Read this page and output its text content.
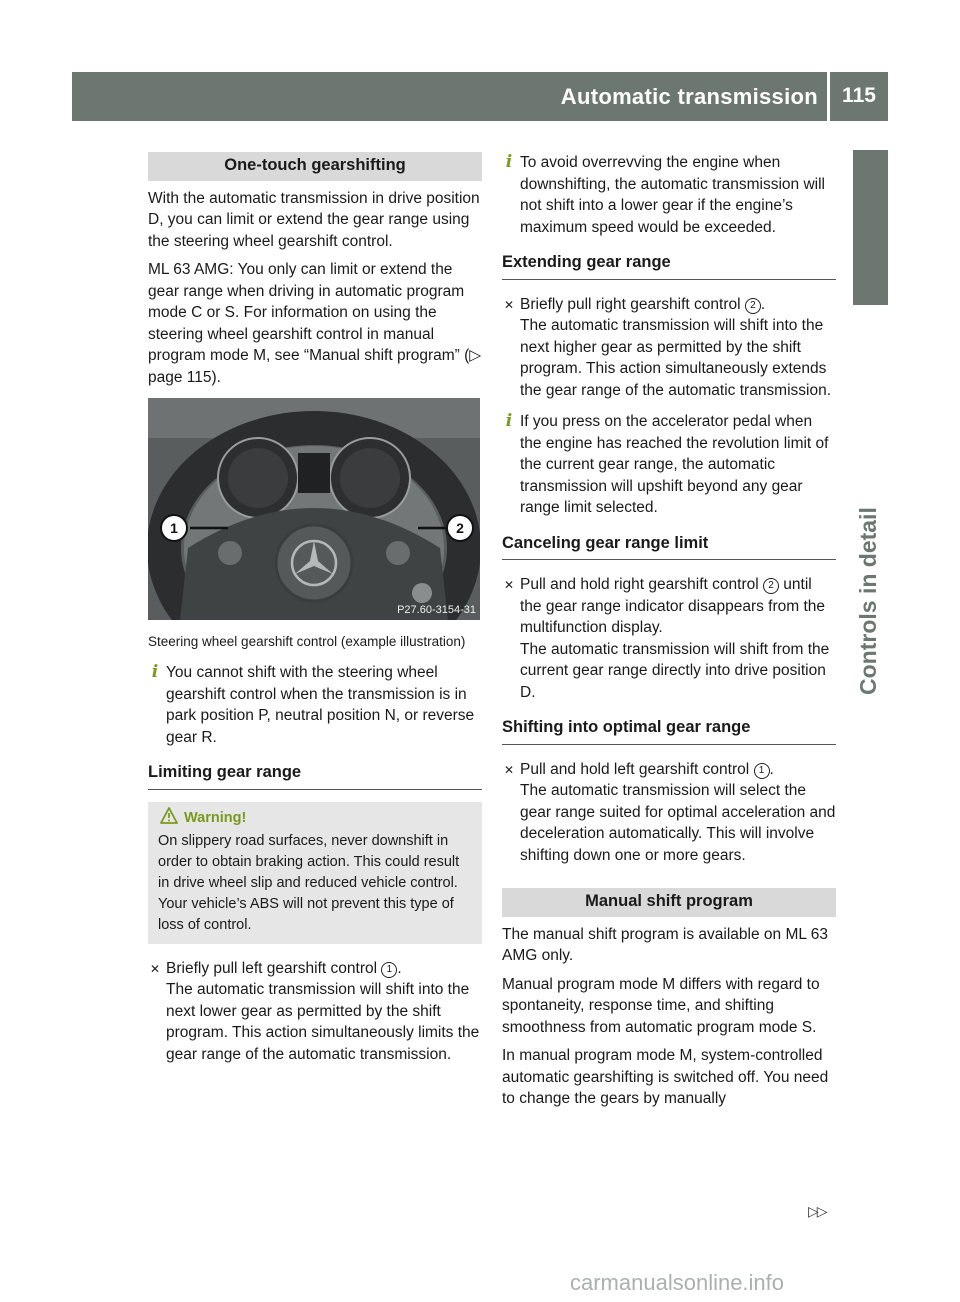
Automatic transmission	115
Controls in detail
One-touch gearshifting

With the automatic transmission in drive position D, you can limit or extend the gear range using the steering wheel gearshift control.

ML 63 AMG: You only can limit or extend the gear range when driving in automatic program mode C or S. For information on using the steering wheel gearshift control in manual program mode M, see “Manual shift program” (▷ page 115).

1	2
P27.60-3154-31
Steering wheel gearshift control (example illustration)
i You cannot shift with the steering wheel gearshift control when the transmission is in park position P, neutral position N, or reverse gear R.
Limiting gear range
Warning!
On slippery road surfaces, never downshift in order to obtain braking action. This could result in drive wheel slip and reduced vehicle control. Your vehicle’s ABS will not prevent this type of loss of control.
✕ Briefly pull left gearshift control 1 .
The automatic transmission will shift into the next lower gear as permitted by the shift program. This action simultaneously limits the gear range of the automatic transmission.
i To avoid overrevving the engine when downshifting, the automatic transmission will not shift into a lower gear if the engine’s maximum speed would be exceeded.
Extending gear range
✕ Briefly pull right gearshift control 2 .
The automatic transmission will shift into the next higher gear as permitted by the shift program. This action simultaneously extends the gear range of the automatic transmission.
i If you press on the accelerator pedal when the engine has reached the revolution limit of the current gear range, the automatic transmission will upshift beyond any gear range limit selected.
Canceling gear range limit
✕ Pull and hold right gearshift control 2 until the gear range indicator disappears from the multifunction display.
The automatic transmission will shift from the current gear range directly into drive position D.
Shifting into optimal gear range
✕ Pull and hold left gearshift control 1 .
The automatic transmission will select the gear range suited for optimal acceleration and deceleration automatically. This will involve shifting down one or more gears.
Manual shift program

The manual shift program is available on ML 63 AMG only.

Manual program mode M differs with regard to spontaneity, response time, and shifting smoothness from automatic program mode S.

In manual program mode M, system-controlled automatic gearshifting is switched off. You need to change the gears by manually

▷▷
carmanualsonline.info
